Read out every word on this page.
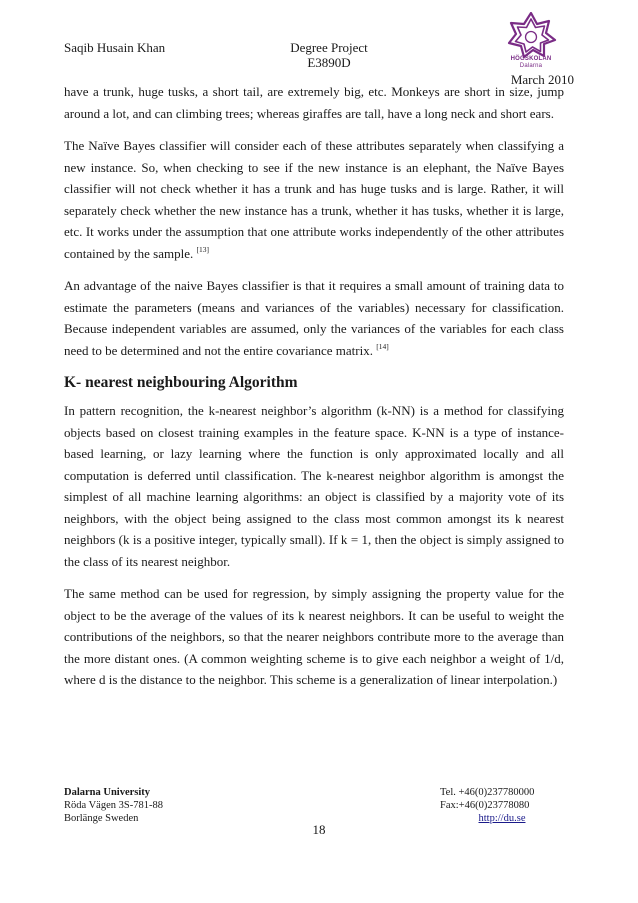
Saqib Husain Khan	Degree Project
E3890D	HÖGSKOLAN
Dalarna
March 2010

have a trunk, huge tusks, a short tail, are extremely big, etc. Monkeys are short in size, jump around a lot, and can climbing trees; whereas giraffes are tall, have a long neck and short ears.

The Naïve Bayes classifier will consider each of these attributes separately when classifying a new instance. So, when checking to see if the new instance is an elephant, the Naïve Bayes classifier will not check whether it has a trunk and has huge tusks and is large. Rather, it will separately check whether the new instance has a trunk, whether it has tusks, whether it is large, etc. It works under the assumption that one attribute works independently of the other attributes contained by the sample. [13]

An advantage of the naive Bayes classifier is that it requires a small amount of training data to estimate the parameters (means and variances of the variables) necessary for classification. Because independent variables are assumed, only the variances of the variables for each class need to be determined and not the entire covariance matrix. [14]

K- nearest neighbouring Algorithm

In pattern recognition, the k-nearest neighbor’s algorithm (k-NN) is a method for classifying objects based on closest training examples in the feature space. K-NN is a type of instance-based learning, or lazy learning where the function is only approximated locally and all computation is deferred until classification. The k-nearest neighbor algorithm is amongst the simplest of all machine learning algorithms: an object is classified by a majority vote of its neighbors, with the object being assigned to the class most common amongst its k nearest neighbors (k is a positive integer, typically small). If k = 1, then the object is simply assigned to the class of its nearest neighbor.

The same method can be used for regression, by simply assigning the property value for the object to be the average of the values of its k nearest neighbors. It can be useful to weight the contributions of the neighbors, so that the nearer neighbors contribute more to the average than the more distant ones. (A common weighting scheme is to give each neighbor a weight of 1/d, where d is the distance to the neighbor. This scheme is a generalization of linear interpolation.)

Dalarna University
Röda Vägen 3S-781-88
Borlänge Sweden
Tel. +46(0)237780000
Fax:+46(0)23778080
http://du.se
18
